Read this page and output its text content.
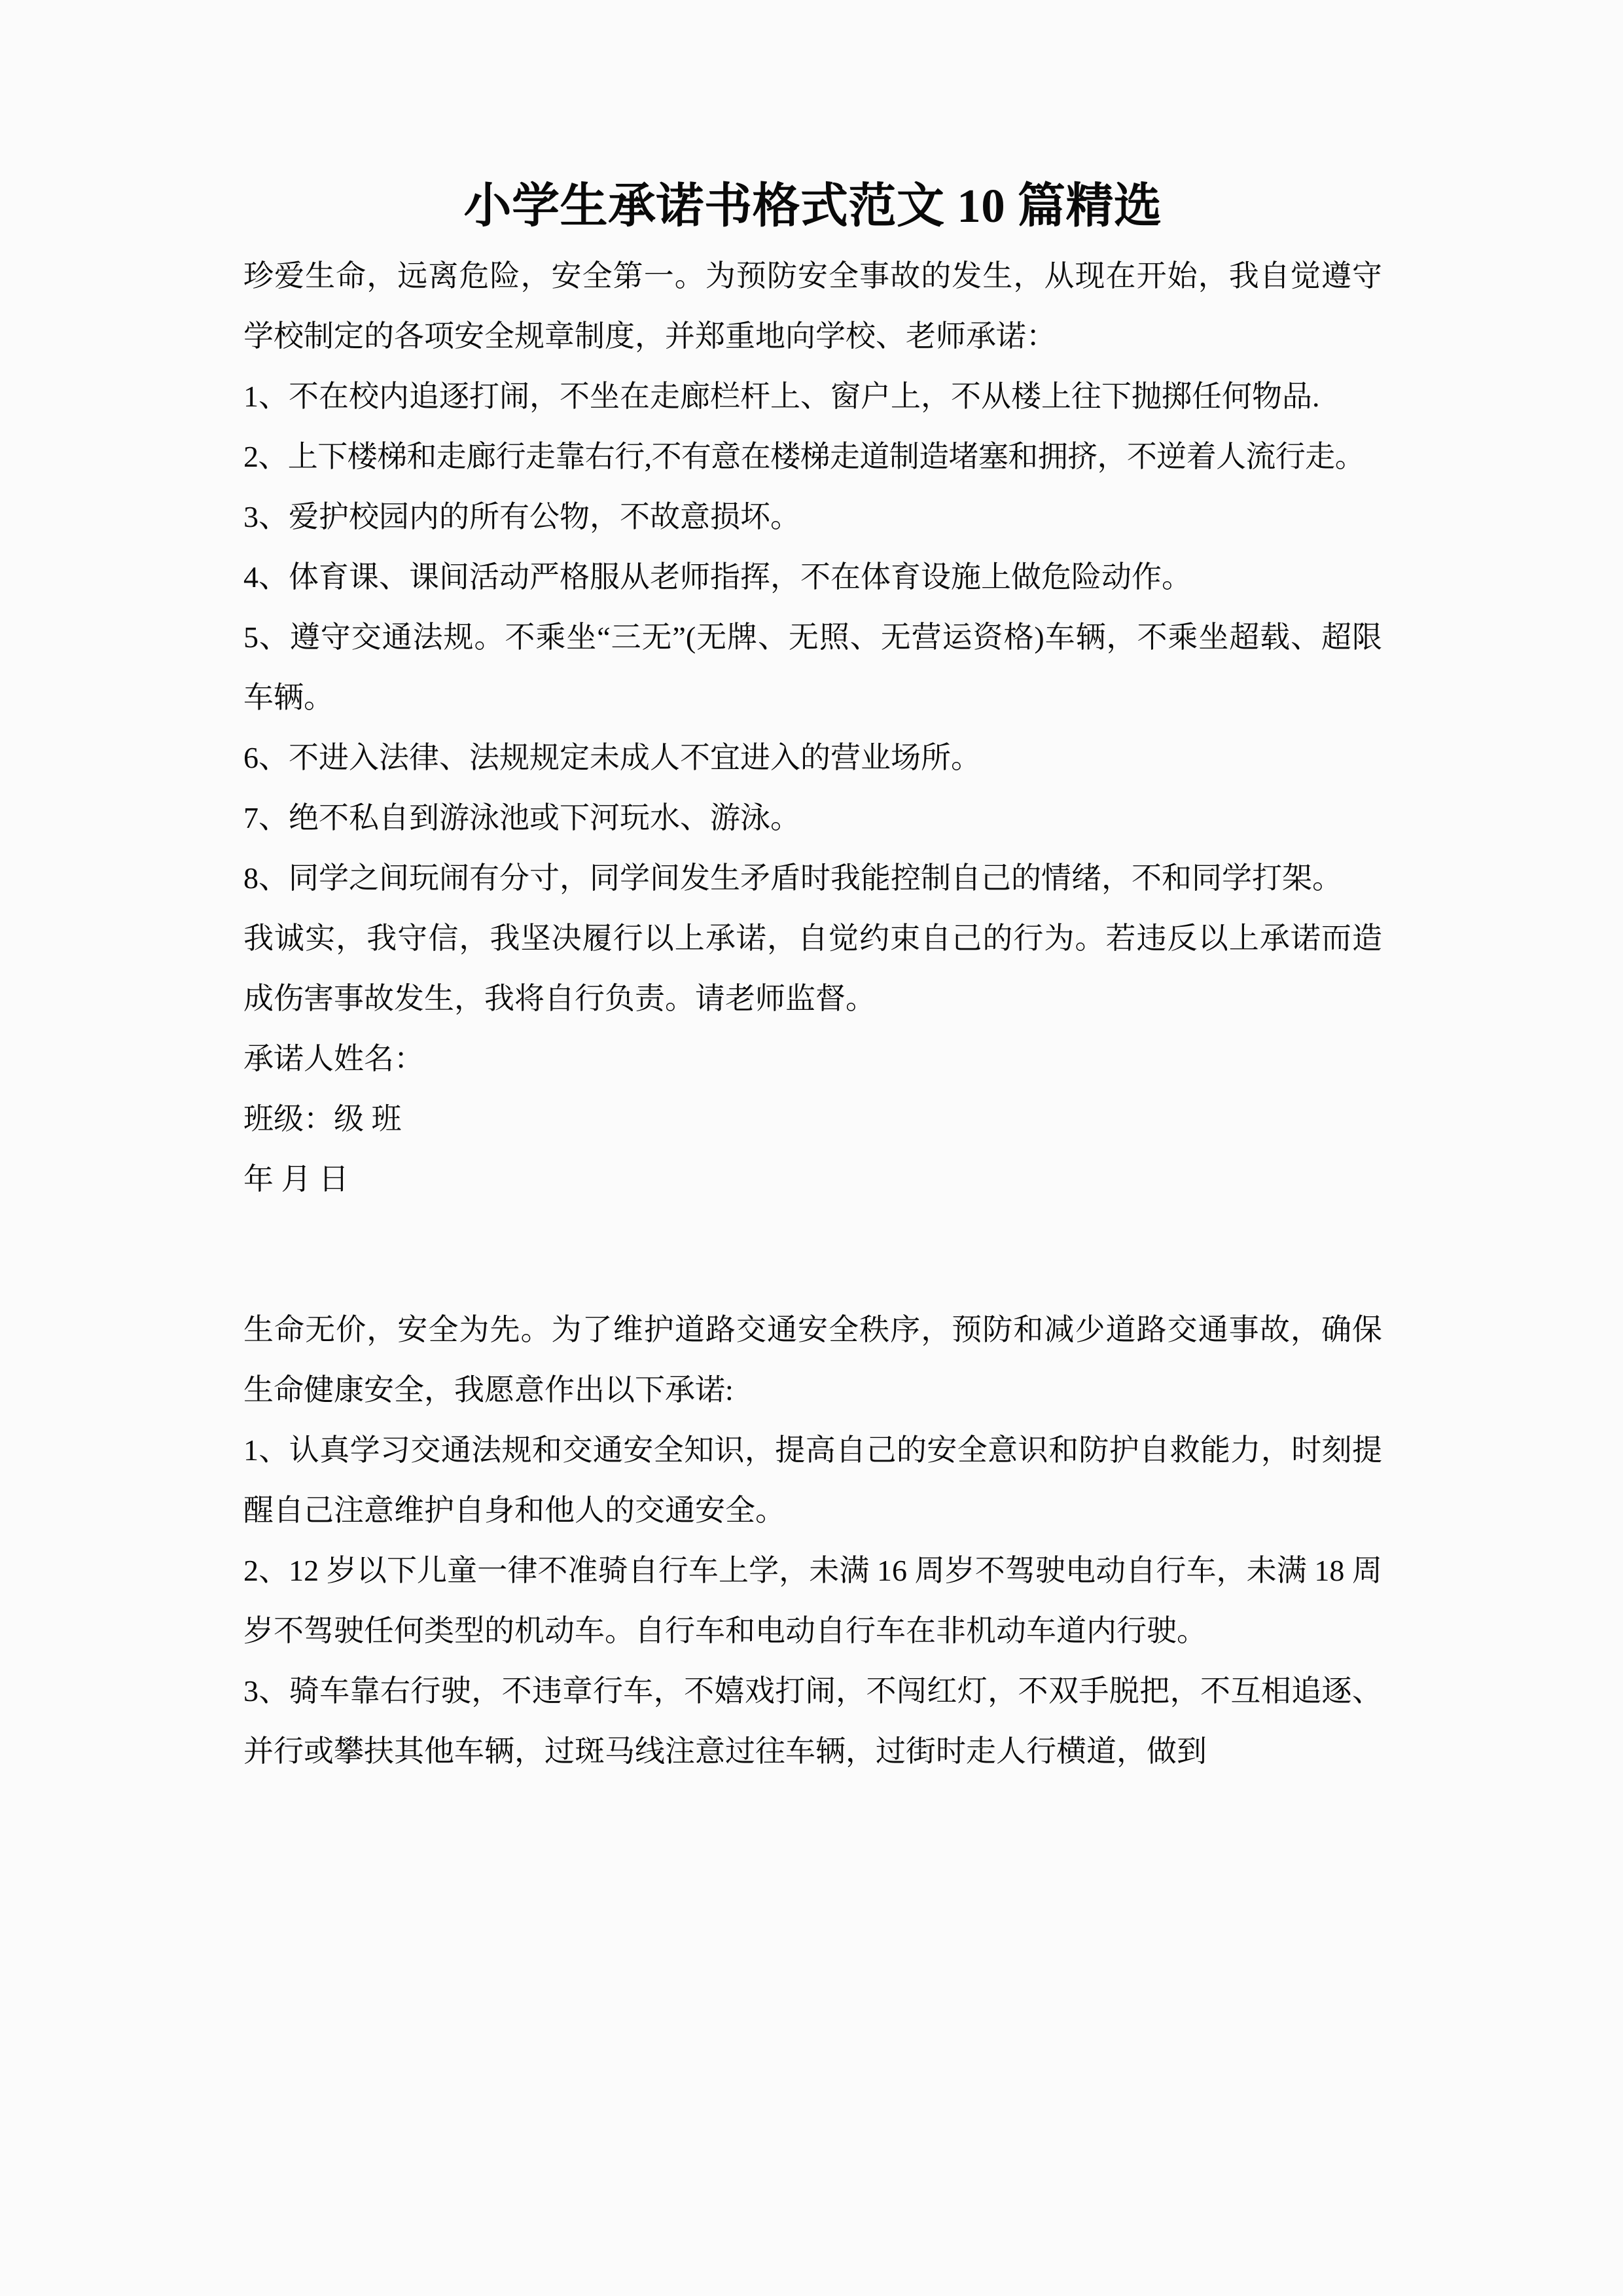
小学生承诺书格式范文 10 篇精选

珍爱生命，远离危险，安全第一。为预防安全事故的发生，从现在开始，我自觉遵守学校制定的各项安全规章制度，并郑重地向学校、老师承诺：

1、不在校内追逐打闹，不坐在走廊栏杆上、窗户上，不从楼上往下抛掷任何物品.

2、上下楼梯和走廊行走靠右行,不有意在楼梯走道制造堵塞和拥挤，不逆着人流行走。

3、爱护校园内的所有公物，不故意损坏。

4、体育课、课间活动严格服从老师指挥，不在体育设施上做危险动作。

5、遵守交通法规。不乘坐“三无”(无牌、无照、无营运资格)车辆，不乘坐超载、超限车辆。

6、不进入法律、法规规定未成人不宜进入的营业场所。

7、绝不私自到游泳池或下河玩水、游泳。

8、同学之间玩闹有分寸，同学间发生矛盾时我能控制自己的情绪，不和同学打架。

我诚实，我守信，我坚决履行以上承诺，自觉约束自己的行为。若违反以上承诺而造成伤害事故发生，我将自行负责。请老师监督。

承诺人姓名：

班级：级 班

年 月 日

生命无价，安全为先。为了维护道路交通安全秩序，预防和减少道路交通事故，确保生命健康安全，我愿意作出以下承诺:

1、认真学习交通法规和交通安全知识，提高自己的安全意识和防护自救能力，时刻提醒自己注意维护自身和他人的交通安全。

2、12 岁以下儿童一律不准骑自行车上学，未满 16 周岁不驾驶电动自行车，未满 18 周岁不驾驶任何类型的机动车。自行车和电动自行车在非机动车道内行驶。

3、骑车靠右行驶，不违章行车，不嬉戏打闹，不闯红灯，不双手脱把，不互相追逐、并行或攀扶其他车辆，过斑马线注意过往车辆，过街时走人行横道，做到
